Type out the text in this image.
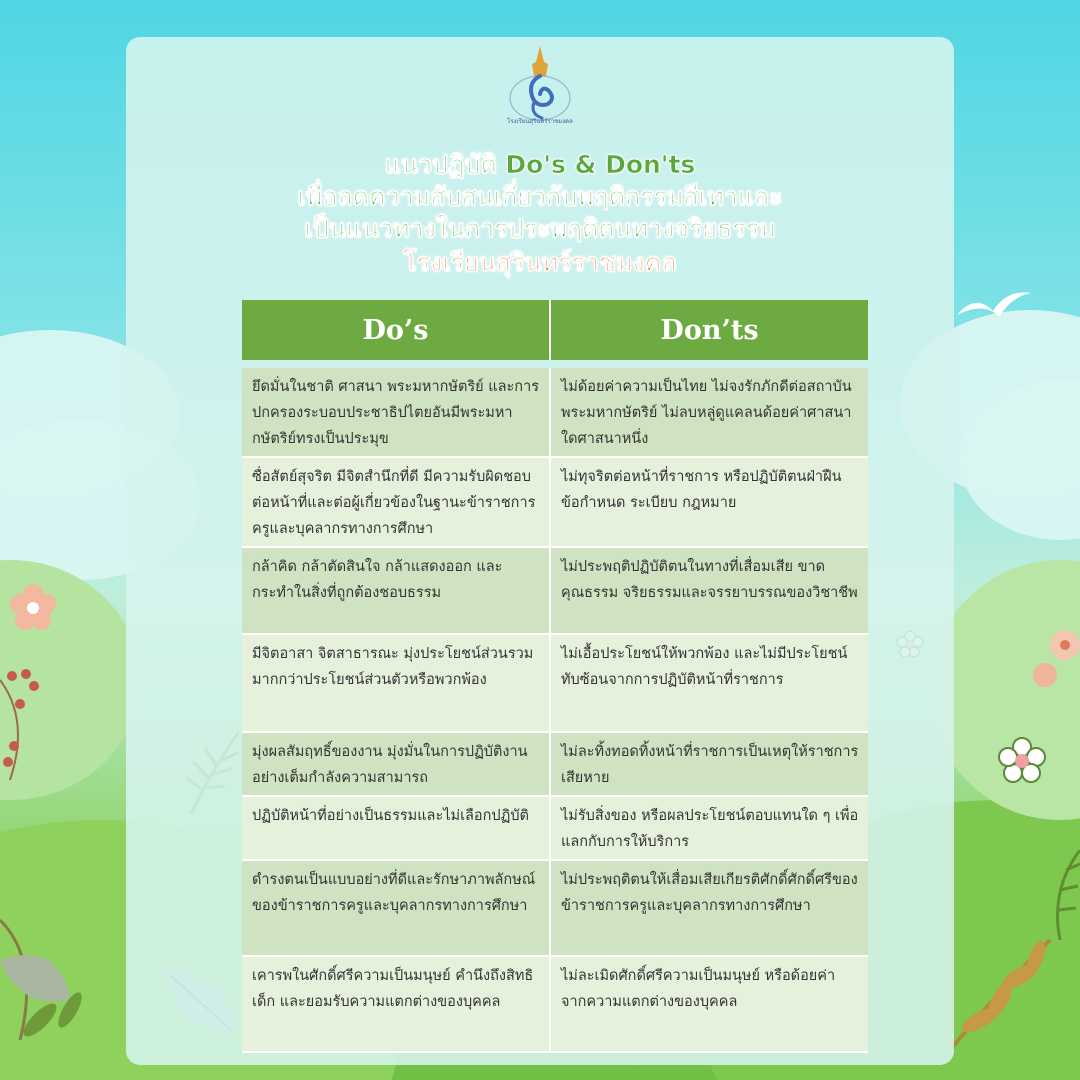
โรงเรียนสุรินทร์ราชมงคล
แนวปฏิบัติ Do's & Don'ts
เพื่อลดความสับสนเกี่ยวกับพฤติกรรมสีเทาและ
เป็นแนวทางในการประพฤติตนทางจริยธรรม
โรงเรียนสุรินทร์ราชมงคล
Do’s	Don’ts

ยึดมั่นในชาติ ศาสนา พระมหากษัตริย์ และการปกครองระบอบประชาธิปไตยอันมีพระมหากษัตริย์ทรงเป็นประมุข	ไม่ด้อยค่าความเป็นไทย ไม่จงรักภักดีต่อสถาบันพระมหากษัตริย์ ไม่ลบหลู่ดูแคลนด้อยค่าศาสนาใดศาสนาหนึ่ง
ซื่อสัตย์สุจริต มีจิตสำนึกที่ดี มีความรับผิดชอบต่อหน้าที่และต่อผู้เกี่ยวข้องในฐานะข้าราชการครูและบุคลากรทางการศึกษา	ไม่ทุจริตต่อหน้าที่ราชการ หรือปฏิบัติตนฝ่าฝืนข้อกำหนด ระเบียบ กฎหมาย
กล้าคิด กล้าตัดสินใจ กล้าแสดงออก และกระทำในสิ่งที่ถูกต้องชอบธรรม	ไม่ประพฤติปฏิบัติตนในทางที่เสื่อมเสีย ขาดคุณธรรม จริยธรรมและจรรยาบรรณของวิชาชีพ
มีจิตอาสา จิตสาธารณะ มุ่งประโยชน์ส่วนรวมมากกว่าประโยชน์ส่วนตัวหรือพวกพ้อง	ไม่เอื้อประโยชน์ให้พวกพ้อง และไม่มีประโยชน์ทับซ้อนจากการปฏิบัติหน้าที่ราชการ
มุ่งผลสัมฤทธิ์ของงาน มุ่งมั่นในการปฏิบัติงานอย่างเต็มกำลังความสามารถ	ไม่ละทิ้งทอดทิ้งหน้าที่ราชการเป็นเหตุให้ราชการเสียหาย
ปฏิบัติหน้าที่อย่างเป็นธรรมและไม่เลือกปฏิบัติ	ไม่รับสิ่งของ หรือผลประโยชน์ตอบแทนใด ๆ เพื่อแลกกับการให้บริการ
ดำรงตนเป็นแบบอย่างที่ดีและรักษาภาพลักษณ์ของข้าราชการครูและบุคลากรทางการศึกษา	ไม่ประพฤติตนให้เสื่อมเสียเกียรติศักดิ์ศักดิ์ศรีของข้าราชการครูและบุคลากรทางการศึกษา
เคารพในศักดิ์ศรีความเป็นมนุษย์ คำนึงถึงสิทธิเด็ก และยอมรับความแตกต่างของบุคคล	ไม่ละเมิดศักดิ์ศรีความเป็นมนุษย์ หรือด้อยค่าจากความแตกต่างของบุคคล
